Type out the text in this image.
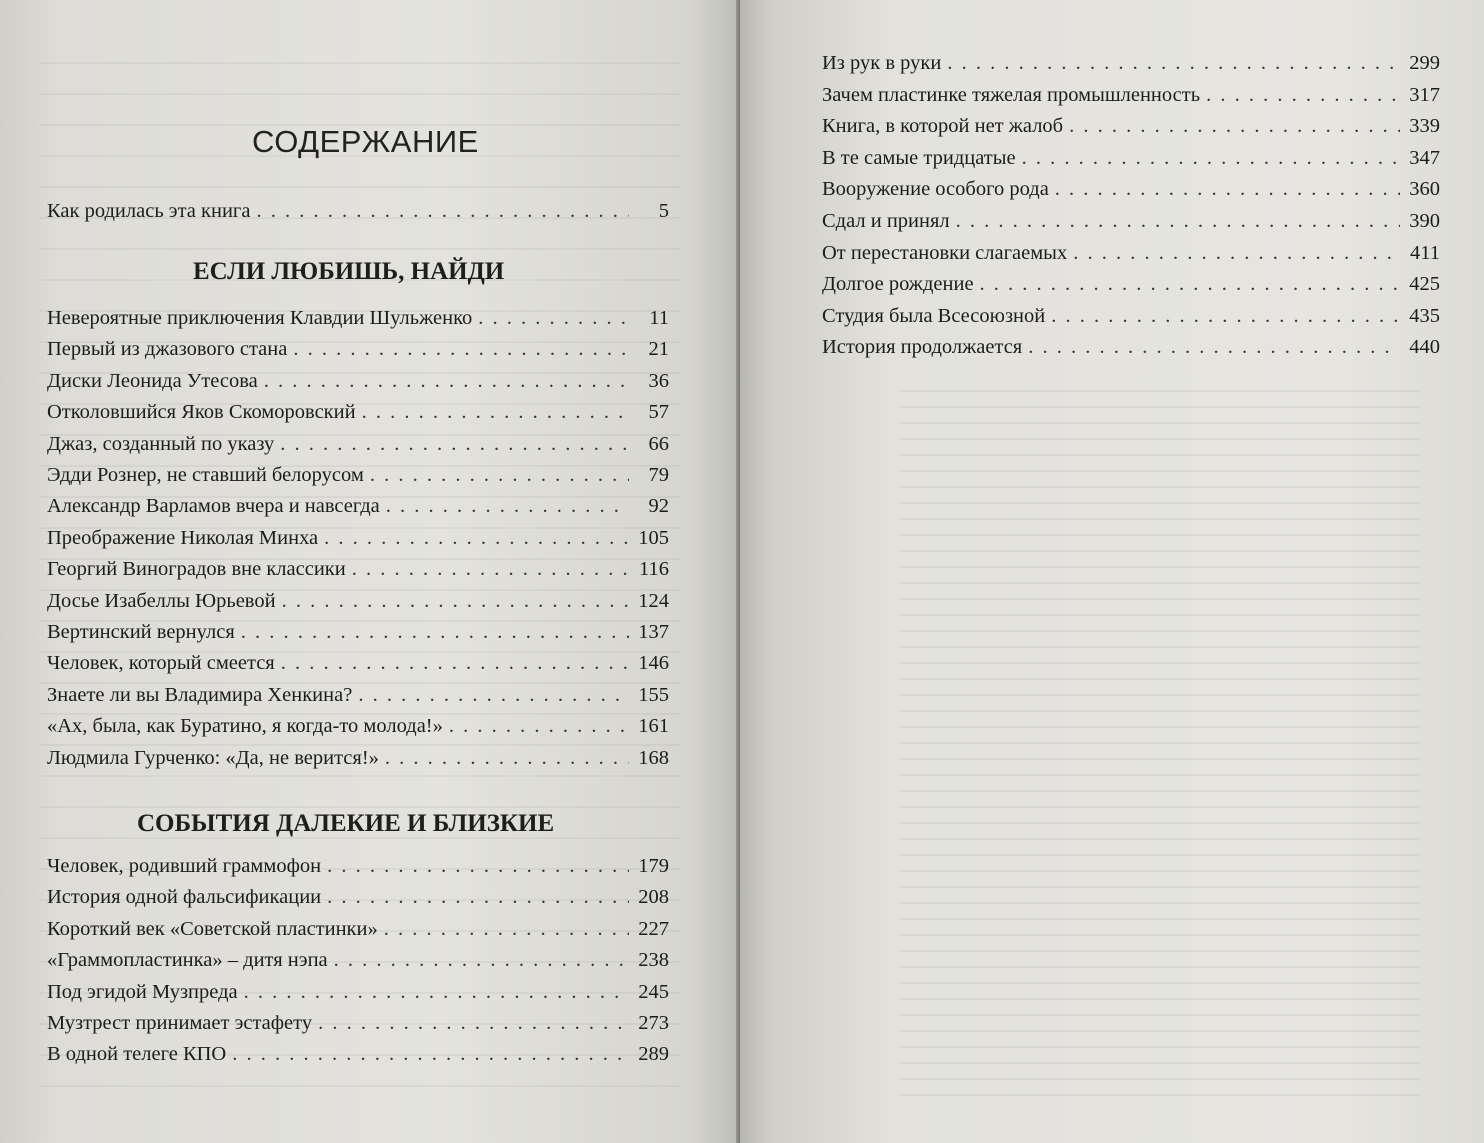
СОДЕРЖАНИЕ
Как родилась эта книга . . .	5
ЕСЛИ ЛЮБИШЬ, НАЙДИ
Невероятные приключения Клавдии Шульженко . . .	11
Первый из джазового стана . . .	21
Диски Леонида Утесова . . .	36
Отколовшийся Яков Скоморовский . . .	57
Джаз, созданный по указу . . .	66
Эдди Рознер, не ставший белорусом . . .	79
Александр Варламов вчера и навсегда . . .	92
Преображение Николая Минха . . .	105
Георгий Виноградов вне классики . . .	116
Досье Изабеллы Юрьевой . . .	124
Вертинский вернулся . . .	137
Человек, который смеется . . .	146
Знаете ли вы Владимира Хенкина? . . .	155
«Ах, была, как Буратино, я когда-то молода!» . . .	161
Людмила Гурченко: «Да, не верится!» . . .	168
СОБЫТИЯ ДАЛЕКИЕ И БЛИЗКИЕ
Человек, родивший граммофон . . .	179
История одной фальсификации . . .	208
Короткий век «Советской пластинки» . . .	227
«Граммопластинка» – дитя нэпа . . .	238
Под эгидой Музпреда . . .	245
Музтрест принимает эстафету . . .	273
В одной телеге КПО . . .	289
Из рук в руки . . .	299
Зачем пластинке тяжелая промышленность . . .	317
Книга, в которой нет жалоб . . .	339
В те самые тридцатые . . .	347
Вооружение особого рода . . .	360
Сдал и принял . . .	390
От перестановки слагаемых . . .	411
Долгое рождение . . .	425
Студия была Всесоюзной . . .	435
История продолжается . . .	440
